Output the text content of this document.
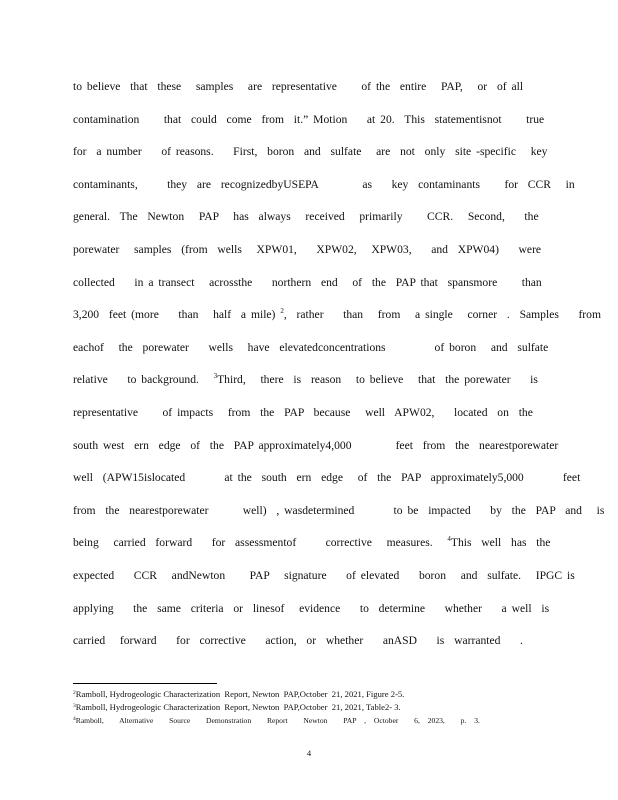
to believe  that  these   samples   are  representative     of the  entire   PAP,   or  of all
contamination     that  could  come  from  it.” Motion    at 20.  This  statementisnot     true
for  a number    of reasons.    First,  boron  and  sulfate   are  not  only  site -specific   key
contaminants,      they  are  recognizedbyUSEPA         as    key  contaminants     for  CCR   in
general.  The  Newton   PAP   has  always   received   primarily     CCR.   Second,    the
porewater   samples  (from  wells   XPW01,    XPW02,   XPW03,    and  XPW04)    were
collected    in a transect   acrossthe    northern  end   of  the  PAP that  spansmore     than
3,200  feet (more    than   half  a mile) $^2$,  rather    than   from   a single   corner  .  Samples    from
eachof   the  porewater    wells   have  elevatedconcentrations          of boron   and  sulfate
relative    to background.   $^3$Third,   there  is  reason   to believe   that  the porewater    is
representative     of impacts   from  the  PAP  because   well  APW02,    located  on  the
south west  ern  edge  of  the  PAP approximately4,000         feet  from  the  nearestporewater
well  (APW15islocated        at the  south  ern  edge   of  the  PAP  approximately5,000        feet
from  the  nearestporewater       well)  , wasdetermined        to be  impacted    by  the  PAP  and   is
being   carried  forward    for  assessmentof      corrective   measures.   $^4$This  well  has  the
expected    CCR   andNewton     PAP   signature    of elevated    boron   and  sulfate.   IPGC is
applying    the  same  criteria  or  linesof   evidence    to  determine    whether    a well  is
carried   forward    for  corrective    action,  or  whether    anASD    is  warranted    .
$^2$Ramboll, Hydrogeologic Characterization  Report, Newton  PAP,October  21, 2021, Figure 2-5.
$^3$Ramboll, Hydrogeologic Characterization  Report, Newton  PAP,October  21, 2021, Table2- 3.
$^4$Ramboll,  Alternative  Source  Demonstration  Report  Newton  PAP , October  6, 2023,  p. 3.
4
